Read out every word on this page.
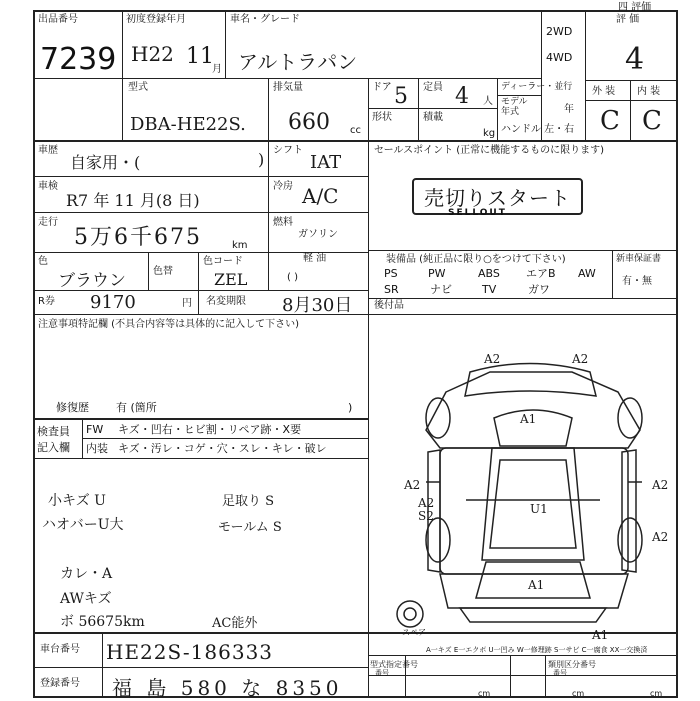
出品番号
7239
初度登録年月
H22 11
月
車名・グレード
アルトラパン
2WD
4WD
四 評価
評 価
4
型式
DBA-HE22S.
排気量
660 cc
ドア 5 定員 4 人
形状	積載
kg
ディーラー・並行
モデル年式	年
ハンドル 左・右
外 装 内 装
C C
車歴
自家用・(	) シフト
IAT
車検
R7 年 11 月(8 日)
冷房 A/C
走行
5万6千675	km
燃料
ガソリン
軽 油
( )
色
ブラウン	色替
色コード
ZEL
R券 9170	円 名変期限 8月30日
注意事項特記欄 (不具合内容等は具体的に記入して下さい)
修復歴 有 (箇所	)
検査員 記入欄
FW キズ・凹右・ヒビ割・リペア跡・X要
内装 キズ・汚レ・コゲ・穴・スレ・キレ・破レ
小キズ U
ハオバーU大
カレ・A
AWキズ
ボ 56675km
足取り S
モールム S
AC能外
セールスポイント (正常に機能するものに限ります)
売切りスタート
SELLOUT
装備品 (純正品に限り○をつけて下さい)
PS	PW	ABS エアB AW
SR	ナビ	TV	ガワ
新車保証書
有・無
後付品
A2	A2
A1
A2
A2
S2	U1
A2
A2
A1
A1
スペア
A一キズ E一エクボ U一凹み W一修理跡 S一サビ C一腐食 XX一交換済
車台番号 HE22S-186333
登録番号 福 島 580 な 8350
型式指定番号	類別区分番号
番号	番号
cm	cm	cm
